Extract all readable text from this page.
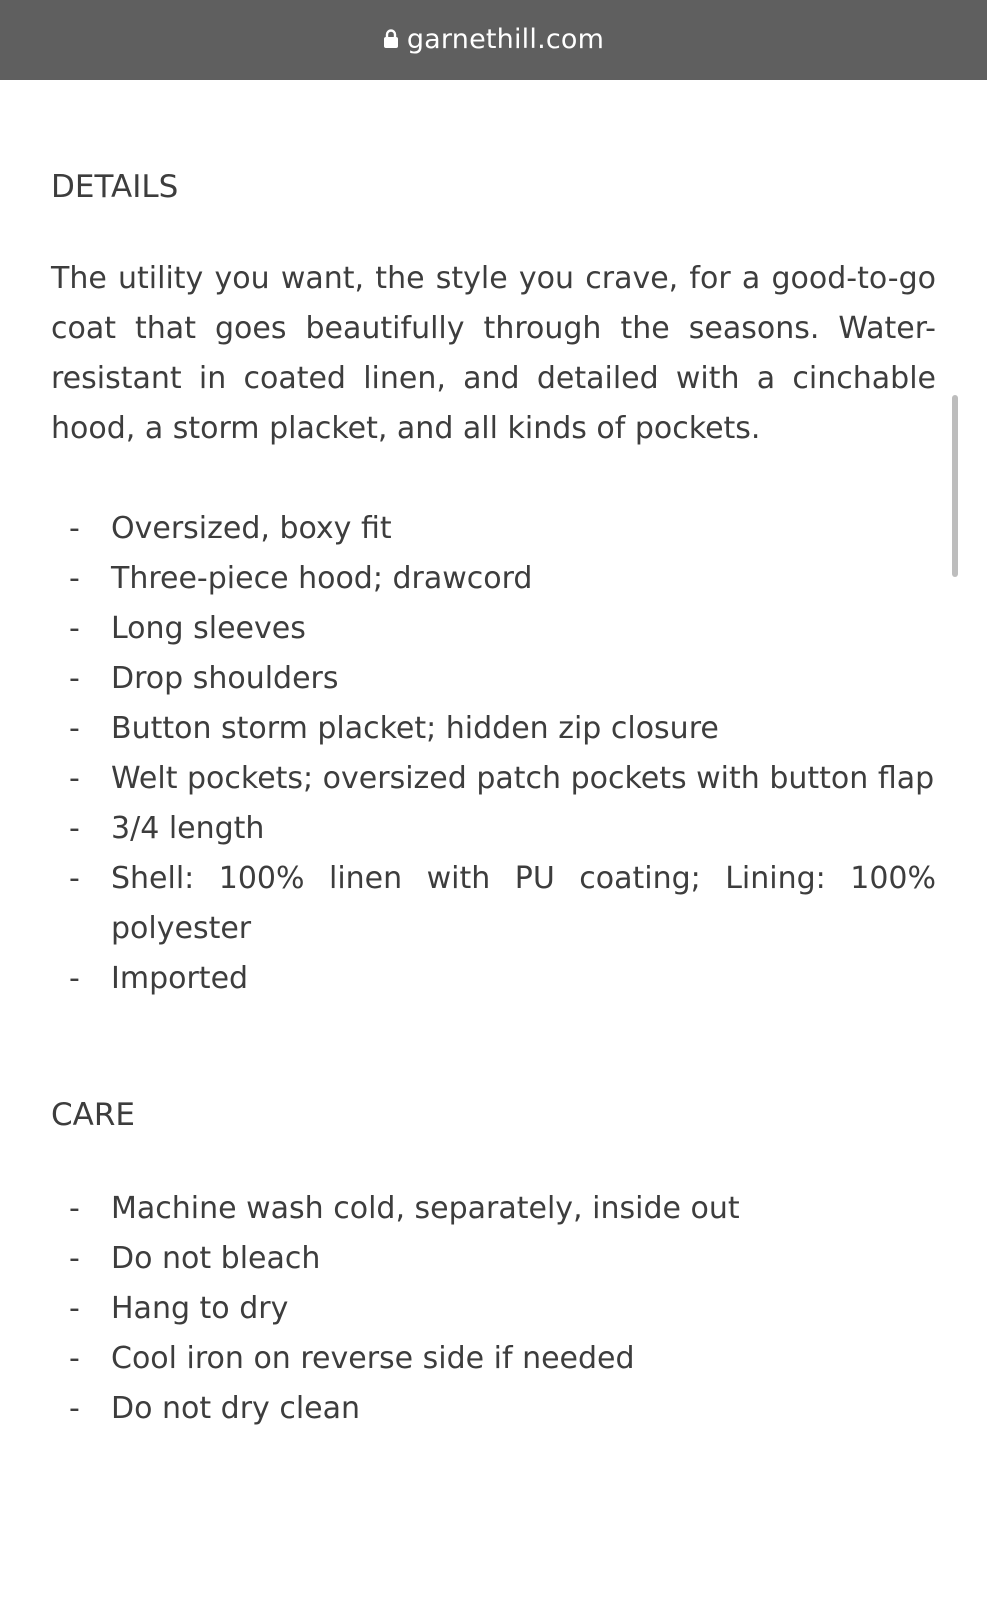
garnethill.com
DETAILS

The utility you want, the style you crave, for a good-to-go coat that goes beautifully through the seasons. Water-resistant in coated linen, and detailed with a cinchable hood, a storm placket, and all kinds of pockets.

- Oversized, boxy fit
- Three-piece hood; drawcord
- Long sleeves
- Drop shoulders
- Button storm placket; hidden zip closure
- Welt pockets; oversized patch pockets with button flap
- 3/4 length
- Shell: 100% linen with PU coating; Lining: 100% polyester
- Imported
CARE
- Machine wash cold, separately, inside out
- Do not bleach
- Hang to dry
- Cool iron on reverse side if needed
- Do not dry clean
